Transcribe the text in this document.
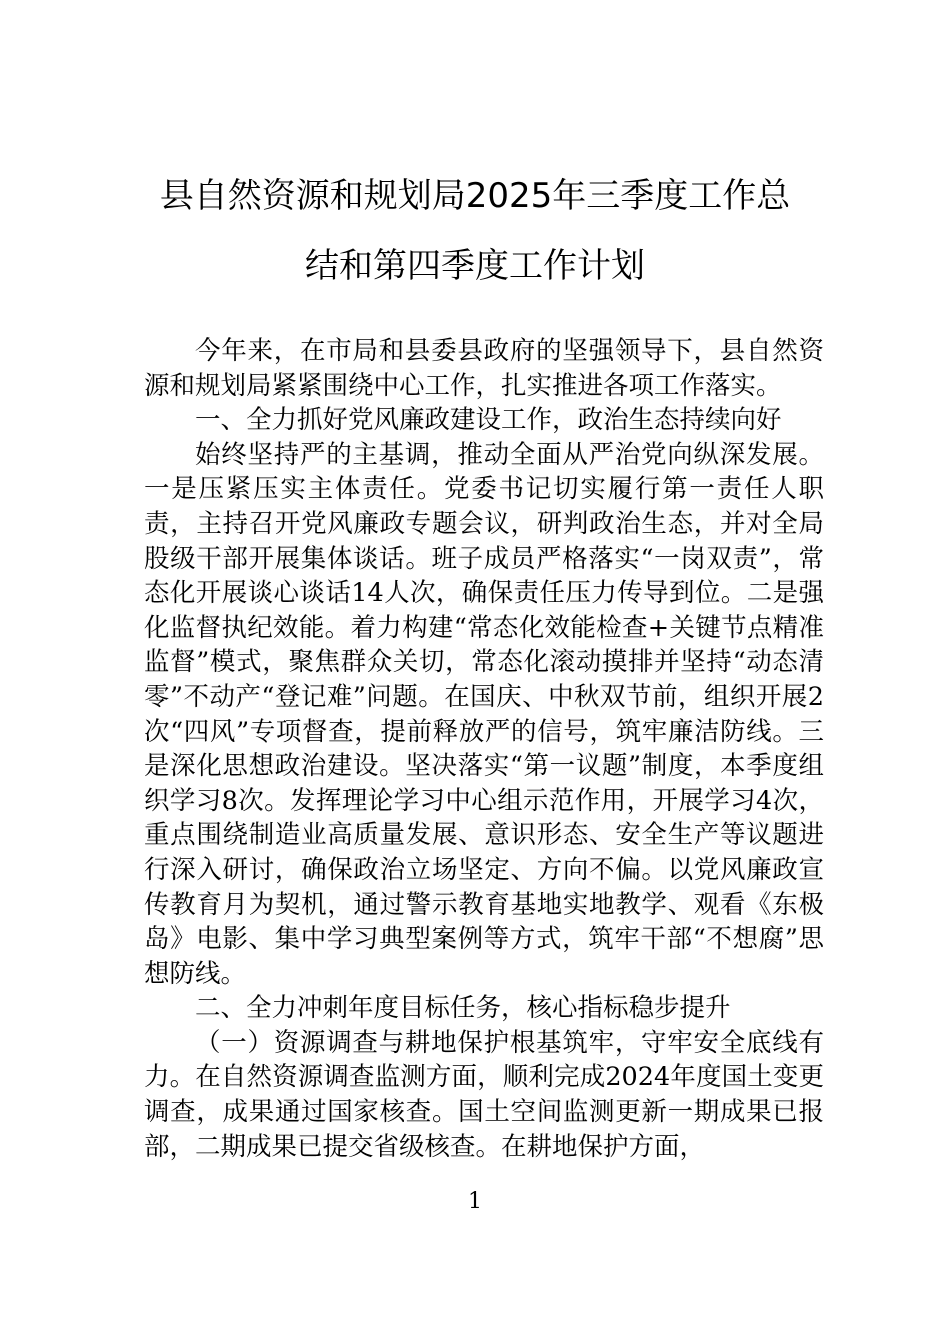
县自然资源和规划局2025年三季度工作总
结和第四季度工作计划

今年来，在市局和县委县政府的坚强领导下，县自然资源和规划局紧紧围绕中心工作，扎实推进各项工作落实。

一、全力抓好党风廉政建设工作，政治生态持续向好

始终坚持严的主基调，推动全面从严治党向纵深发展。一是压紧压实主体责任。党委书记切实履行第一责任人职责，主持召开党风廉政专题会议，研判政治生态，并对全局股级干部开展集体谈话。班子成员严格落实“一岗双责”，常态化开展谈心谈话14人次，确保责任压力传导到位。二是强化监督执纪效能。着力构建“常态化效能检查+关键节点精准监督”模式，聚焦群众关切，常态化滚动摸排并坚持“动态清零”不动产“登记难”问题。在国庆、中秋双节前，组织开展2次“四风”专项督查，提前释放严的信号，筑牢廉洁防线。三是深化思想政治建设。坚决落实“第一议题”制度，本季度组织学习8次。发挥理论学习中心组示范作用，开展学习4次，重点围绕制造业高质量发展、意识形态、安全生产等议题进行深入研讨，确保政治立场坚定、方向不偏。以党风廉政宣传教育月为契机，通过警示教育基地实地教学、观看《东极岛》电影、集中学习典型案例等方式，筑牢干部“不想腐”思想防线。

二、全力冲刺年度目标任务，核心指标稳步提升

（一）资源调查与耕地保护根基筑牢，守牢安全底线有力。在自然资源调查监测方面，顺利完成2024年度国土变更调查，成果通过国家核查。国土空间监测更新一期成果已报部，二期成果已提交省级核查。在耕地保护方面，

1
